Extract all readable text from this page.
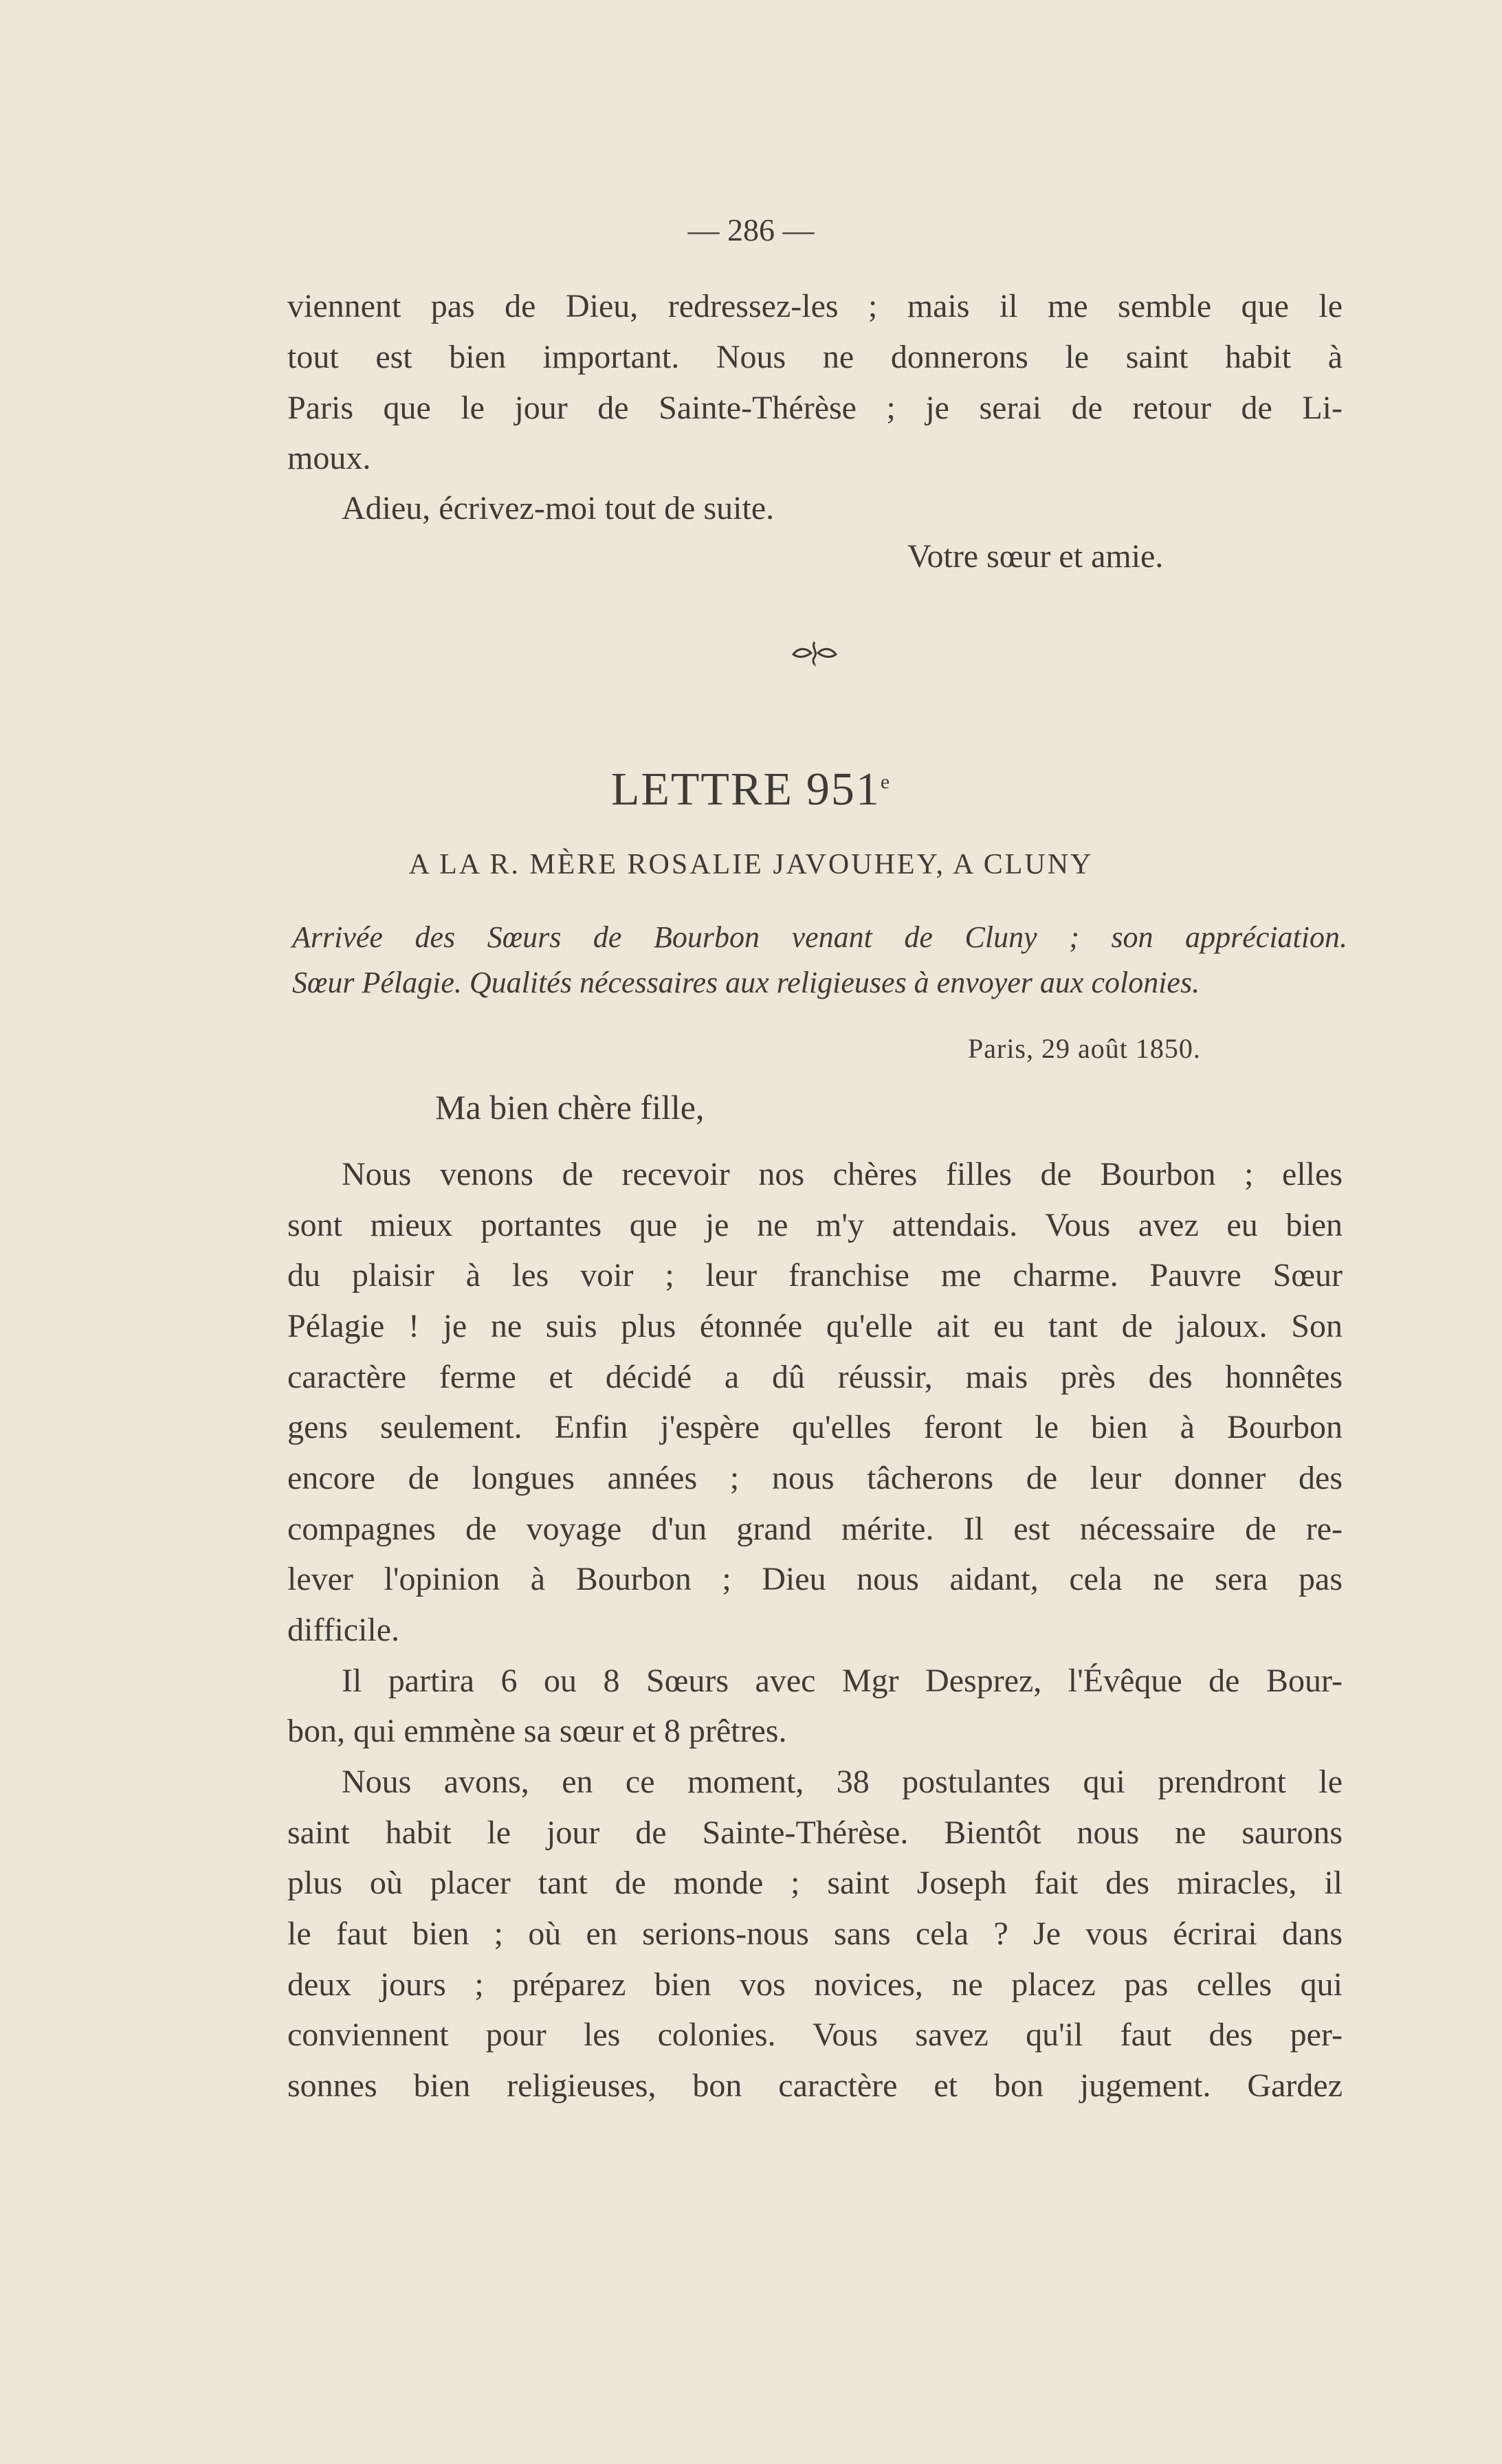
— 286 —
viennent pas de Dieu, redressez-les ; mais il me semble que le
tout est bien important. Nous ne donnerons le saint habit à
Paris que le jour de Sainte-Thérèse ; je serai de retour de Li-
moux.
Adieu, écrivez-moi tout de suite.
Votre sœur et amie.
LETTRE 951e
A LA R. MÈRE ROSALIE JAVOUHEY, A CLUNY
Arrivée des Sœurs de Bourbon venant de Cluny ; son appréciation.
Sœur Pélagie. Qualités nécessaires aux religieuses à envoyer aux colonies.
Paris, 29 août 1850.
Ma bien chère fille,
Nous venons de recevoir nos chères filles de Bourbon ; elles
sont mieux portantes que je ne m'y attendais. Vous avez eu bien
du plaisir à les voir ; leur franchise me charme. Pauvre Sœur
Pélagie ! je ne suis plus étonnée qu'elle ait eu tant de jaloux. Son
caractère ferme et décidé a dû réussir, mais près des honnêtes
gens seulement. Enfin j'espère qu'elles feront le bien à Bourbon
encore de longues années ; nous tâcherons de leur donner des
compagnes de voyage d'un grand mérite. Il est nécessaire de re-
lever l'opinion à Bourbon ; Dieu nous aidant, cela ne sera pas
difficile.
Il partira 6 ou 8 Sœurs avec Mgr Desprez, l'Évêque de Bour-
bon, qui emmène sa sœur et 8 prêtres.
Nous avons, en ce moment, 38 postulantes qui prendront le
saint habit le jour de Sainte-Thérèse. Bientôt nous ne saurons
plus où placer tant de monde ; saint Joseph fait des miracles, il
le faut bien ; où en serions-nous sans cela ? Je vous écrirai dans
deux jours ; préparez bien vos novices, ne placez pas celles qui
conviennent pour les colonies. Vous savez qu'il faut des per-
sonnes bien religieuses, bon caractère et bon jugement. Gardez
